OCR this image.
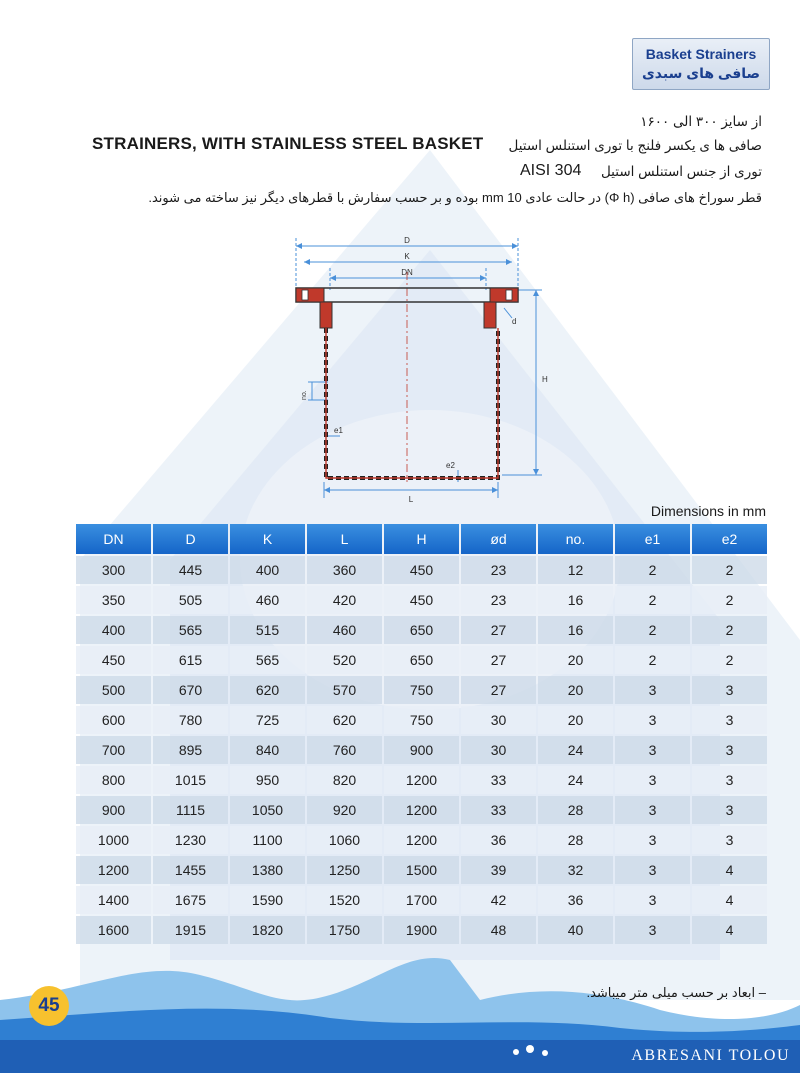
Basket Strainers
صافی های سبدی
STRAINERS, WITH STAINLESS STEEL BASKET
از سایز ۳۰۰ الی ۱۶۰۰
صافی ها ی یکسر فلنج با توری استنلس استیل
توری از جنس استنلس استیل
AISI 304
قطر سوراخ های صافی (Φ h) در حالت عادی 10 mm بوده و بر حسب سفارش با قطرهای دیگر نیز ساخته می شوند.
D
K
DN
H
d
no.
e1
e2
L
Dimensions in mm
DN	D	K	L	H	ød	no.	e1	e2
300	445	400	360	450	23	12	2	2
350	505	460	420	450	23	16	2	2
400	565	515	460	650	27	16	2	2
450	615	565	520	650	27	20	2	2
500	670	620	570	750	27	20	3	3
600	780	725	620	750	30	20	3	3
700	895	840	760	900	30	24	3	3
800	1015	950	820	1200	33	24	3	3
900	1115	1050	920	1200	33	28	3	3
1000	1230	1100	1060	1200	36	28	3	3
1200	1455	1380	1250	1500	39	32	3	4
1400	1675	1590	1520	1700	42	36	3	4
1600	1915	1820	1750	1900	48	40	3	4
45
– ابعاد بر حسب میلی متر میباشد.
ABRESANI TOLOU
